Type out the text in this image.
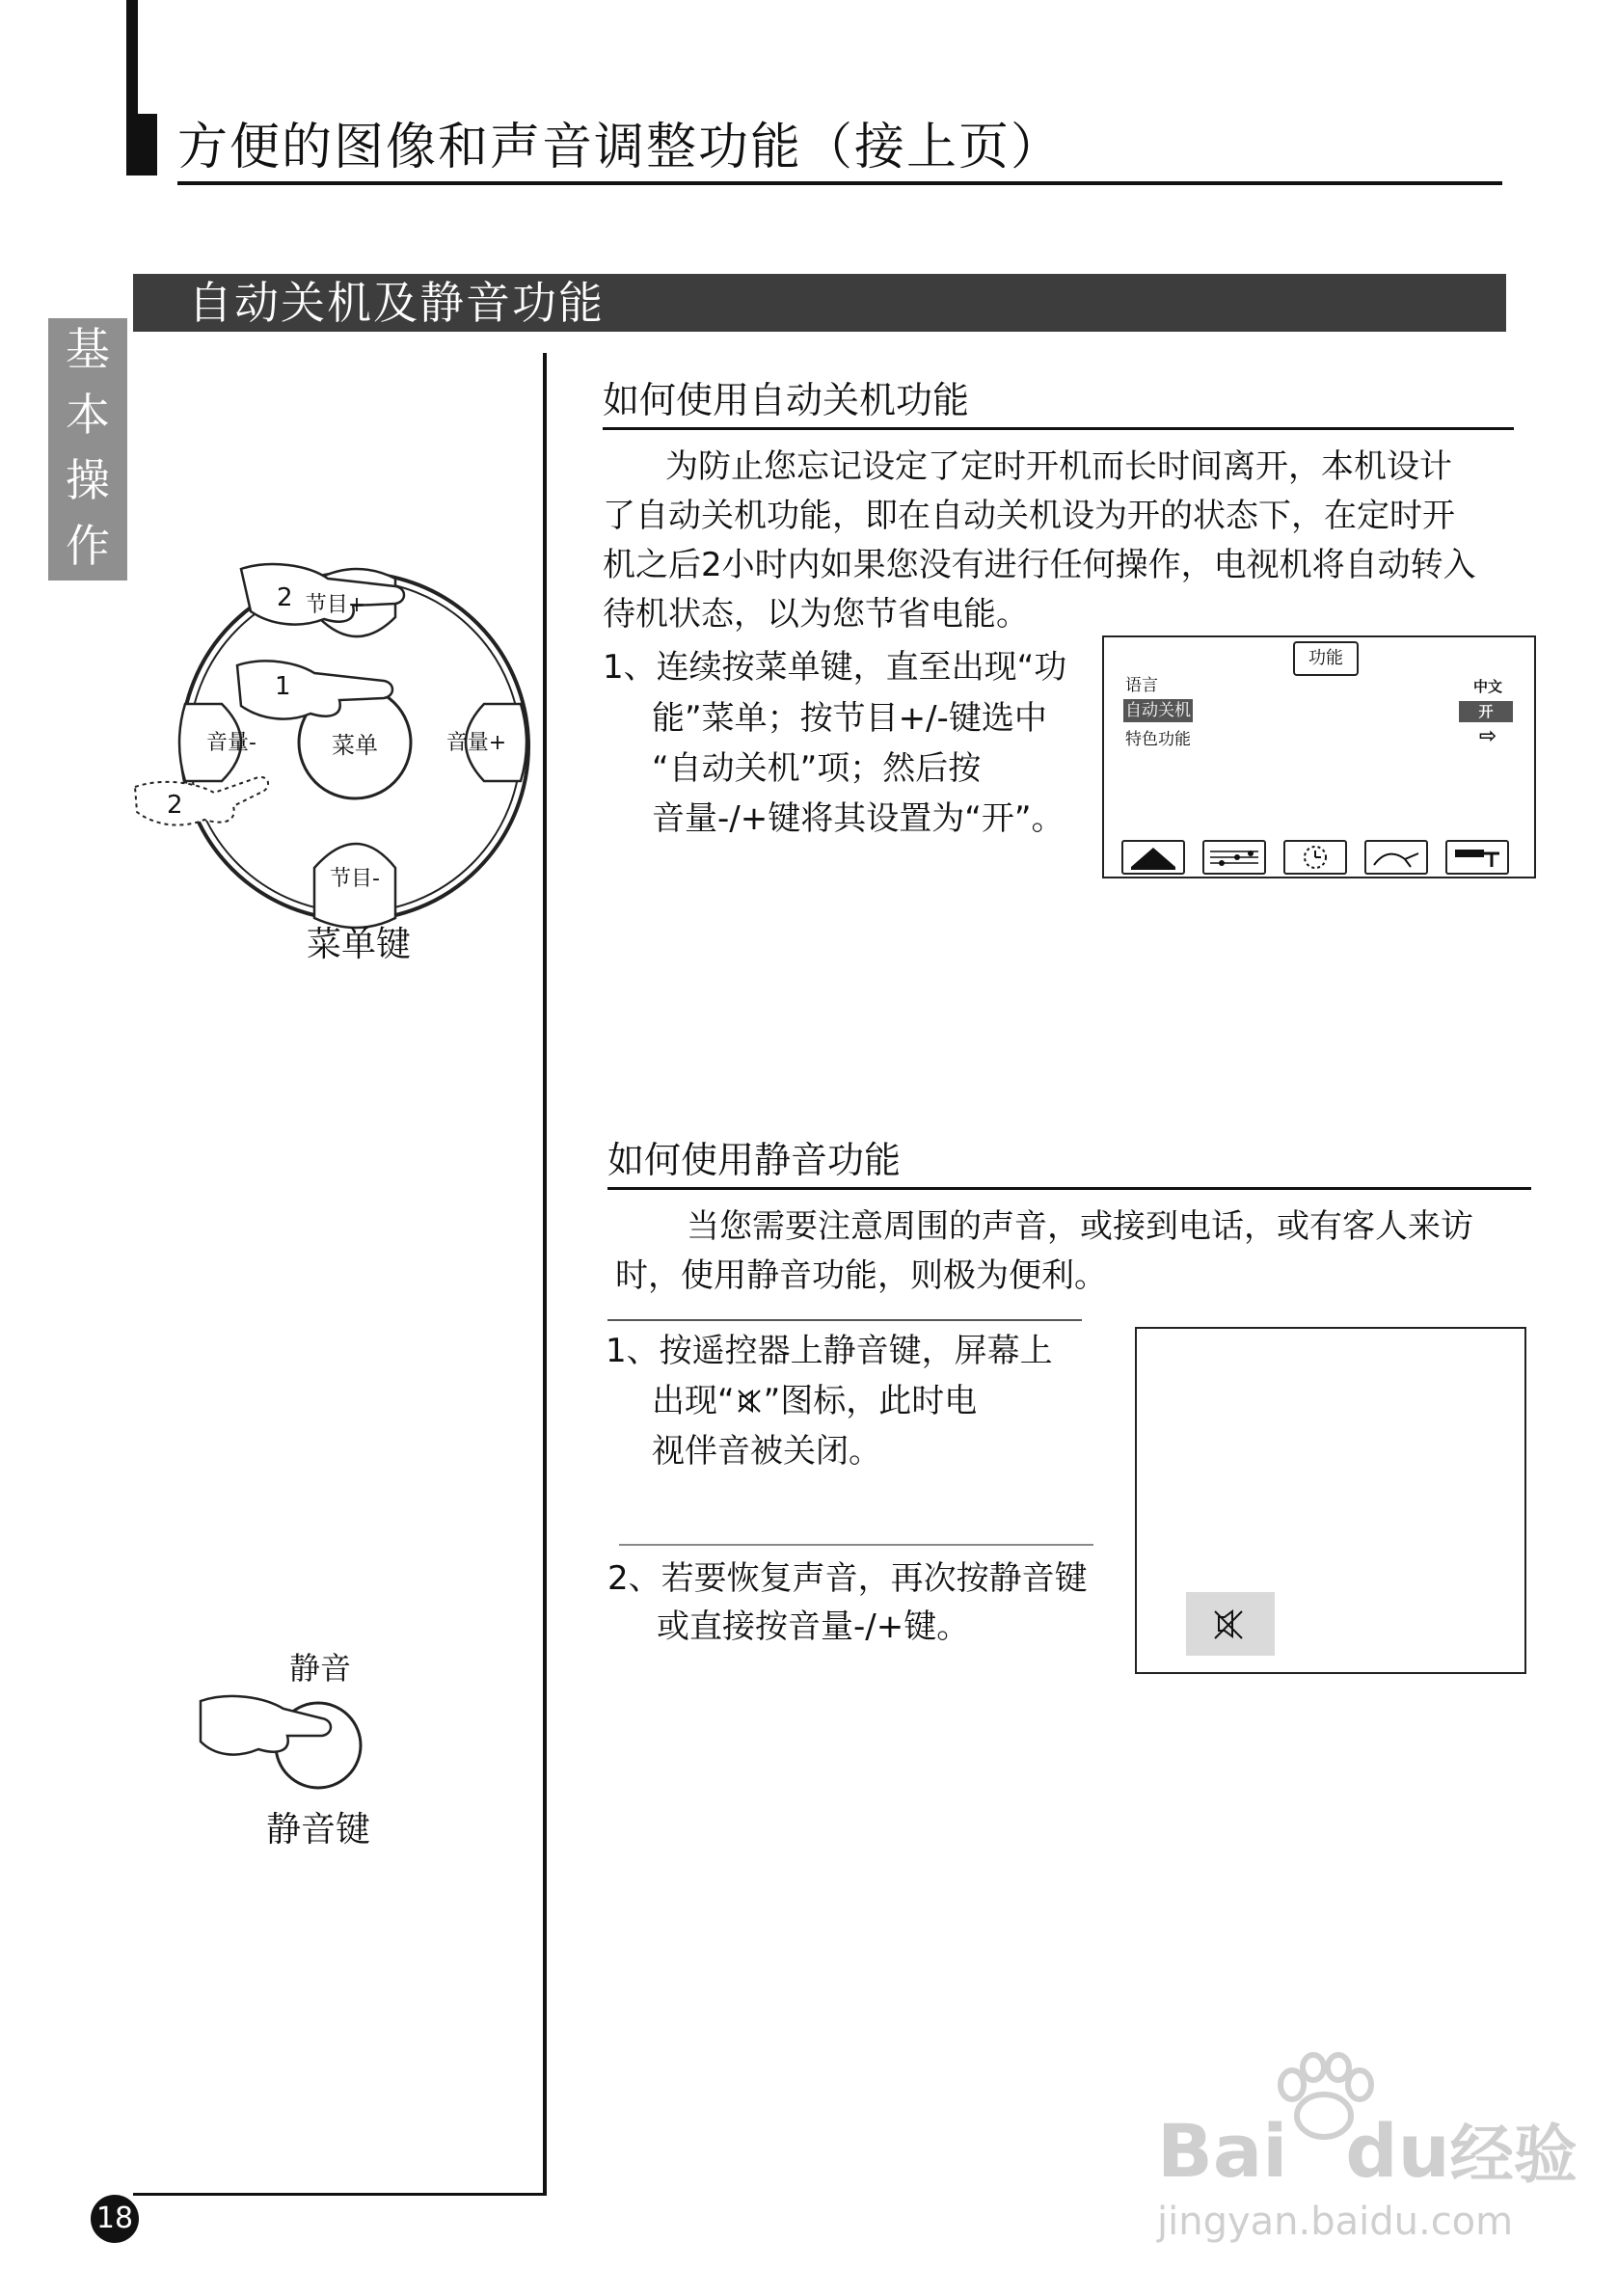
方便的图像和声音调整功能（接上页）
自动关机及静音功能
基
本
操
作
节目+
菜单
音量-	音量+
节目-
2
1
2
菜单键
如何使用自动关机功能
为防止您忘记设定了定时开机而长时间离开，本机设计
了自动关机功能，即在自动关机设为开的状态下，在定时开
机之后2小时内如果您没有进行任何操作，电视机将自动转入
待机状态，以为您节省电能。
1、连续按菜单键，直至出现“功
能”菜单；按节目+/-键选中
“自动关机”项；然后按
音量-/+键将其设置为“开”。
功能
语言
自动关机
特色功能
中文
开
⇨
如何使用静音功能
当您需要注意周围的声音，或接到电话，或有客人来访
时，使用静音功能，则极为便利。
1、按遥控器上静音键，屏幕上
出现“ ”图标，此时电
视伴音被关闭。
2、若要恢复声音，再次按静音键
或直接按音量-/+键。
静音
静音键
18
Bai du经验
jingyan.baidu.com
